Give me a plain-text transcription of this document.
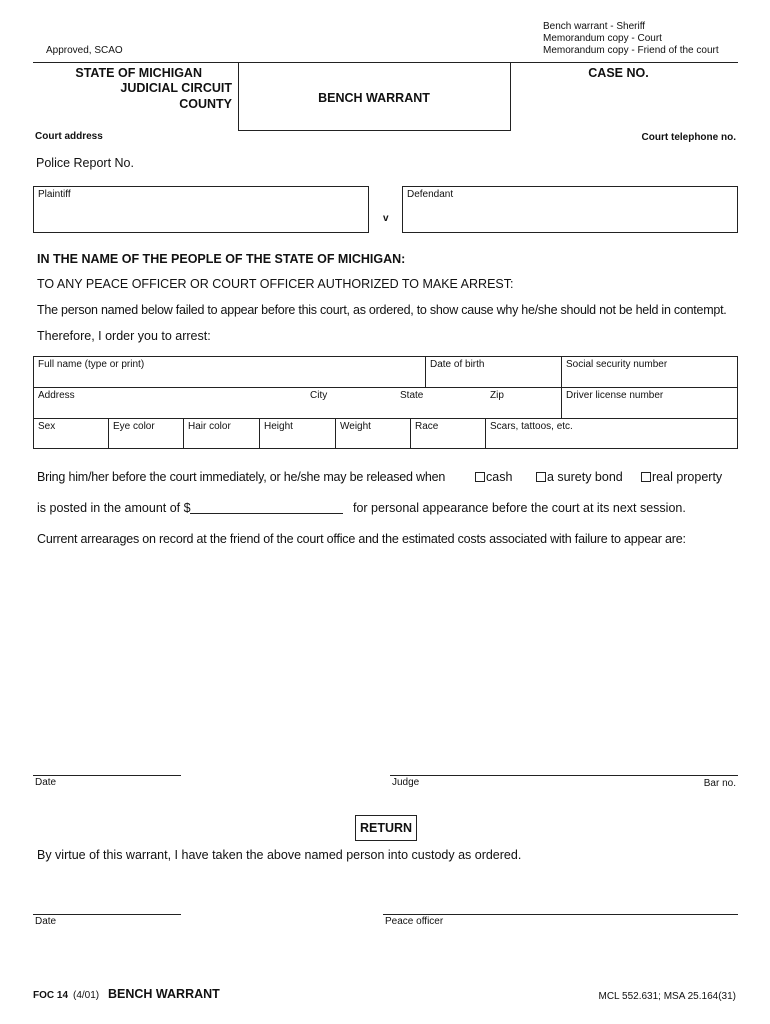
Approved, SCAO
Bench warrant - Sheriff
Memorandum copy - Court
Memorandum copy - Friend of the court
STATE OF MICHIGAN
JUDICIAL CIRCUIT
COUNTY	BENCH WARRANT
CASE NO.
Court address	Court telephone no.
Police Report No.
Plaintiff
v
Defendant
IN THE NAME OF THE PEOPLE OF THE STATE OF MICHIGAN:
TO ANY PEACE OFFICER OR COURT OFFICER AUTHORIZED TO MAKE ARREST:
The person named below failed to appear before this court, as ordered, to show cause why he/she should not be held in contempt.
Therefore, I order you to arrest:
Full name (type or print)	Date of birth	Social security number
Address	City	State	Zip	Driver license number
Sex	Eye color	Hair color	Height	Weight	Race	Scars, tattoos, etc.
Bring him/her before the court immediately, or he/she may be released when	cash	a surety bond	real property
is posted in the amount of $	for personal appearance before the court at its next session.
Current arrearages on record at the friend of the court office and the estimated costs associated with failure to appear are:
Date	Judge	Bar no.
RETURN
By virtue of this warrant, I have taken the above named person into custody as ordered.
Date	Peace officer
FOC 14 (4/01) BENCH WARRANT	MCL 552.631; MSA 25.164(31)
